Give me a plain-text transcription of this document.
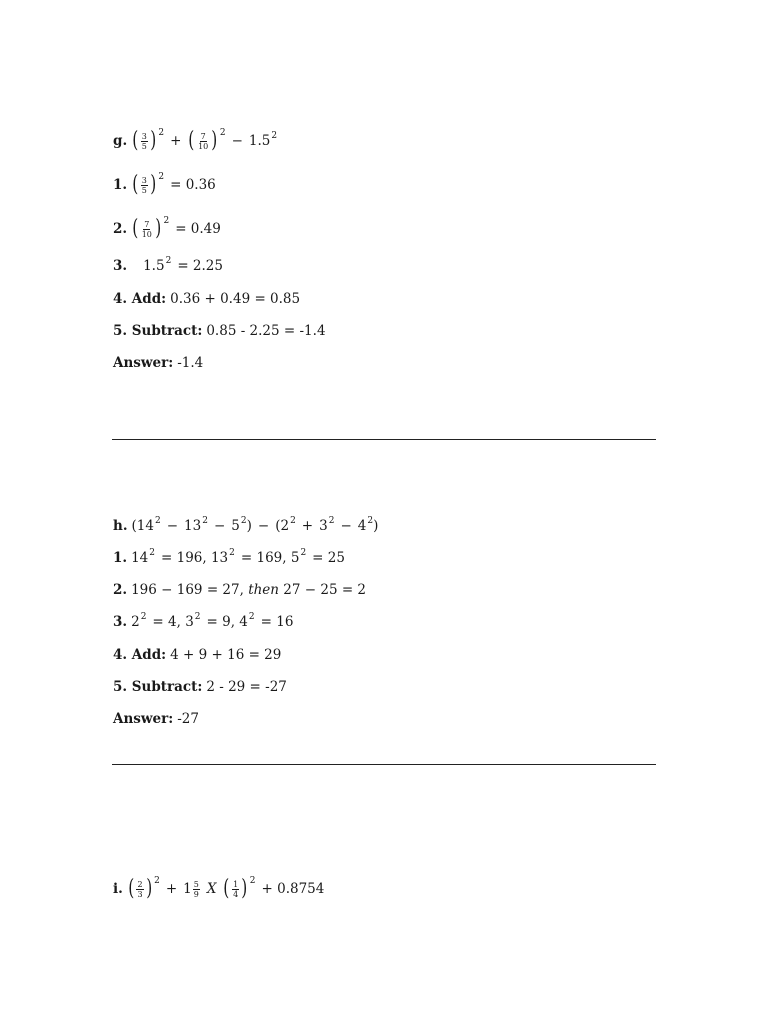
g. ( $\frac{3}{5}$ ) 2 + ( $\frac{7}{10}$ ) 2 − 1.5 2
1. ( $\frac{3}{5}$ ) 2 = 0.36
2. ( $\frac{7}{10}$ ) 2 = 0.49
3. 1.5 2 = 2.25
4. Add: 0.36 + 0.49 = 0.85
5. Subtract: 0.85 - 2.25 = -1.4
Answer: -1.4
h. ( 14 2 − 13 2 − 5 2 ) − ( 2 2 + 3 2 − 4 2 )
1. 14 2 = 196, 13 2 = 169, 5 2 = 25
2. 196 − 169 = 27, then 27 − 25 = 2
3. 2 2 = 4, 3 2 = 9, 4 2 = 16
4. Add: 4 + 9 + 16 = 29
5. Subtract: 2 - 29 = -27
Answer: -27
i. ( $\frac{2}{3}$ ) $2 + 1 \frac{5}{9}$ X ( $\frac{1}{4}$ ) 2 + 0.8754
